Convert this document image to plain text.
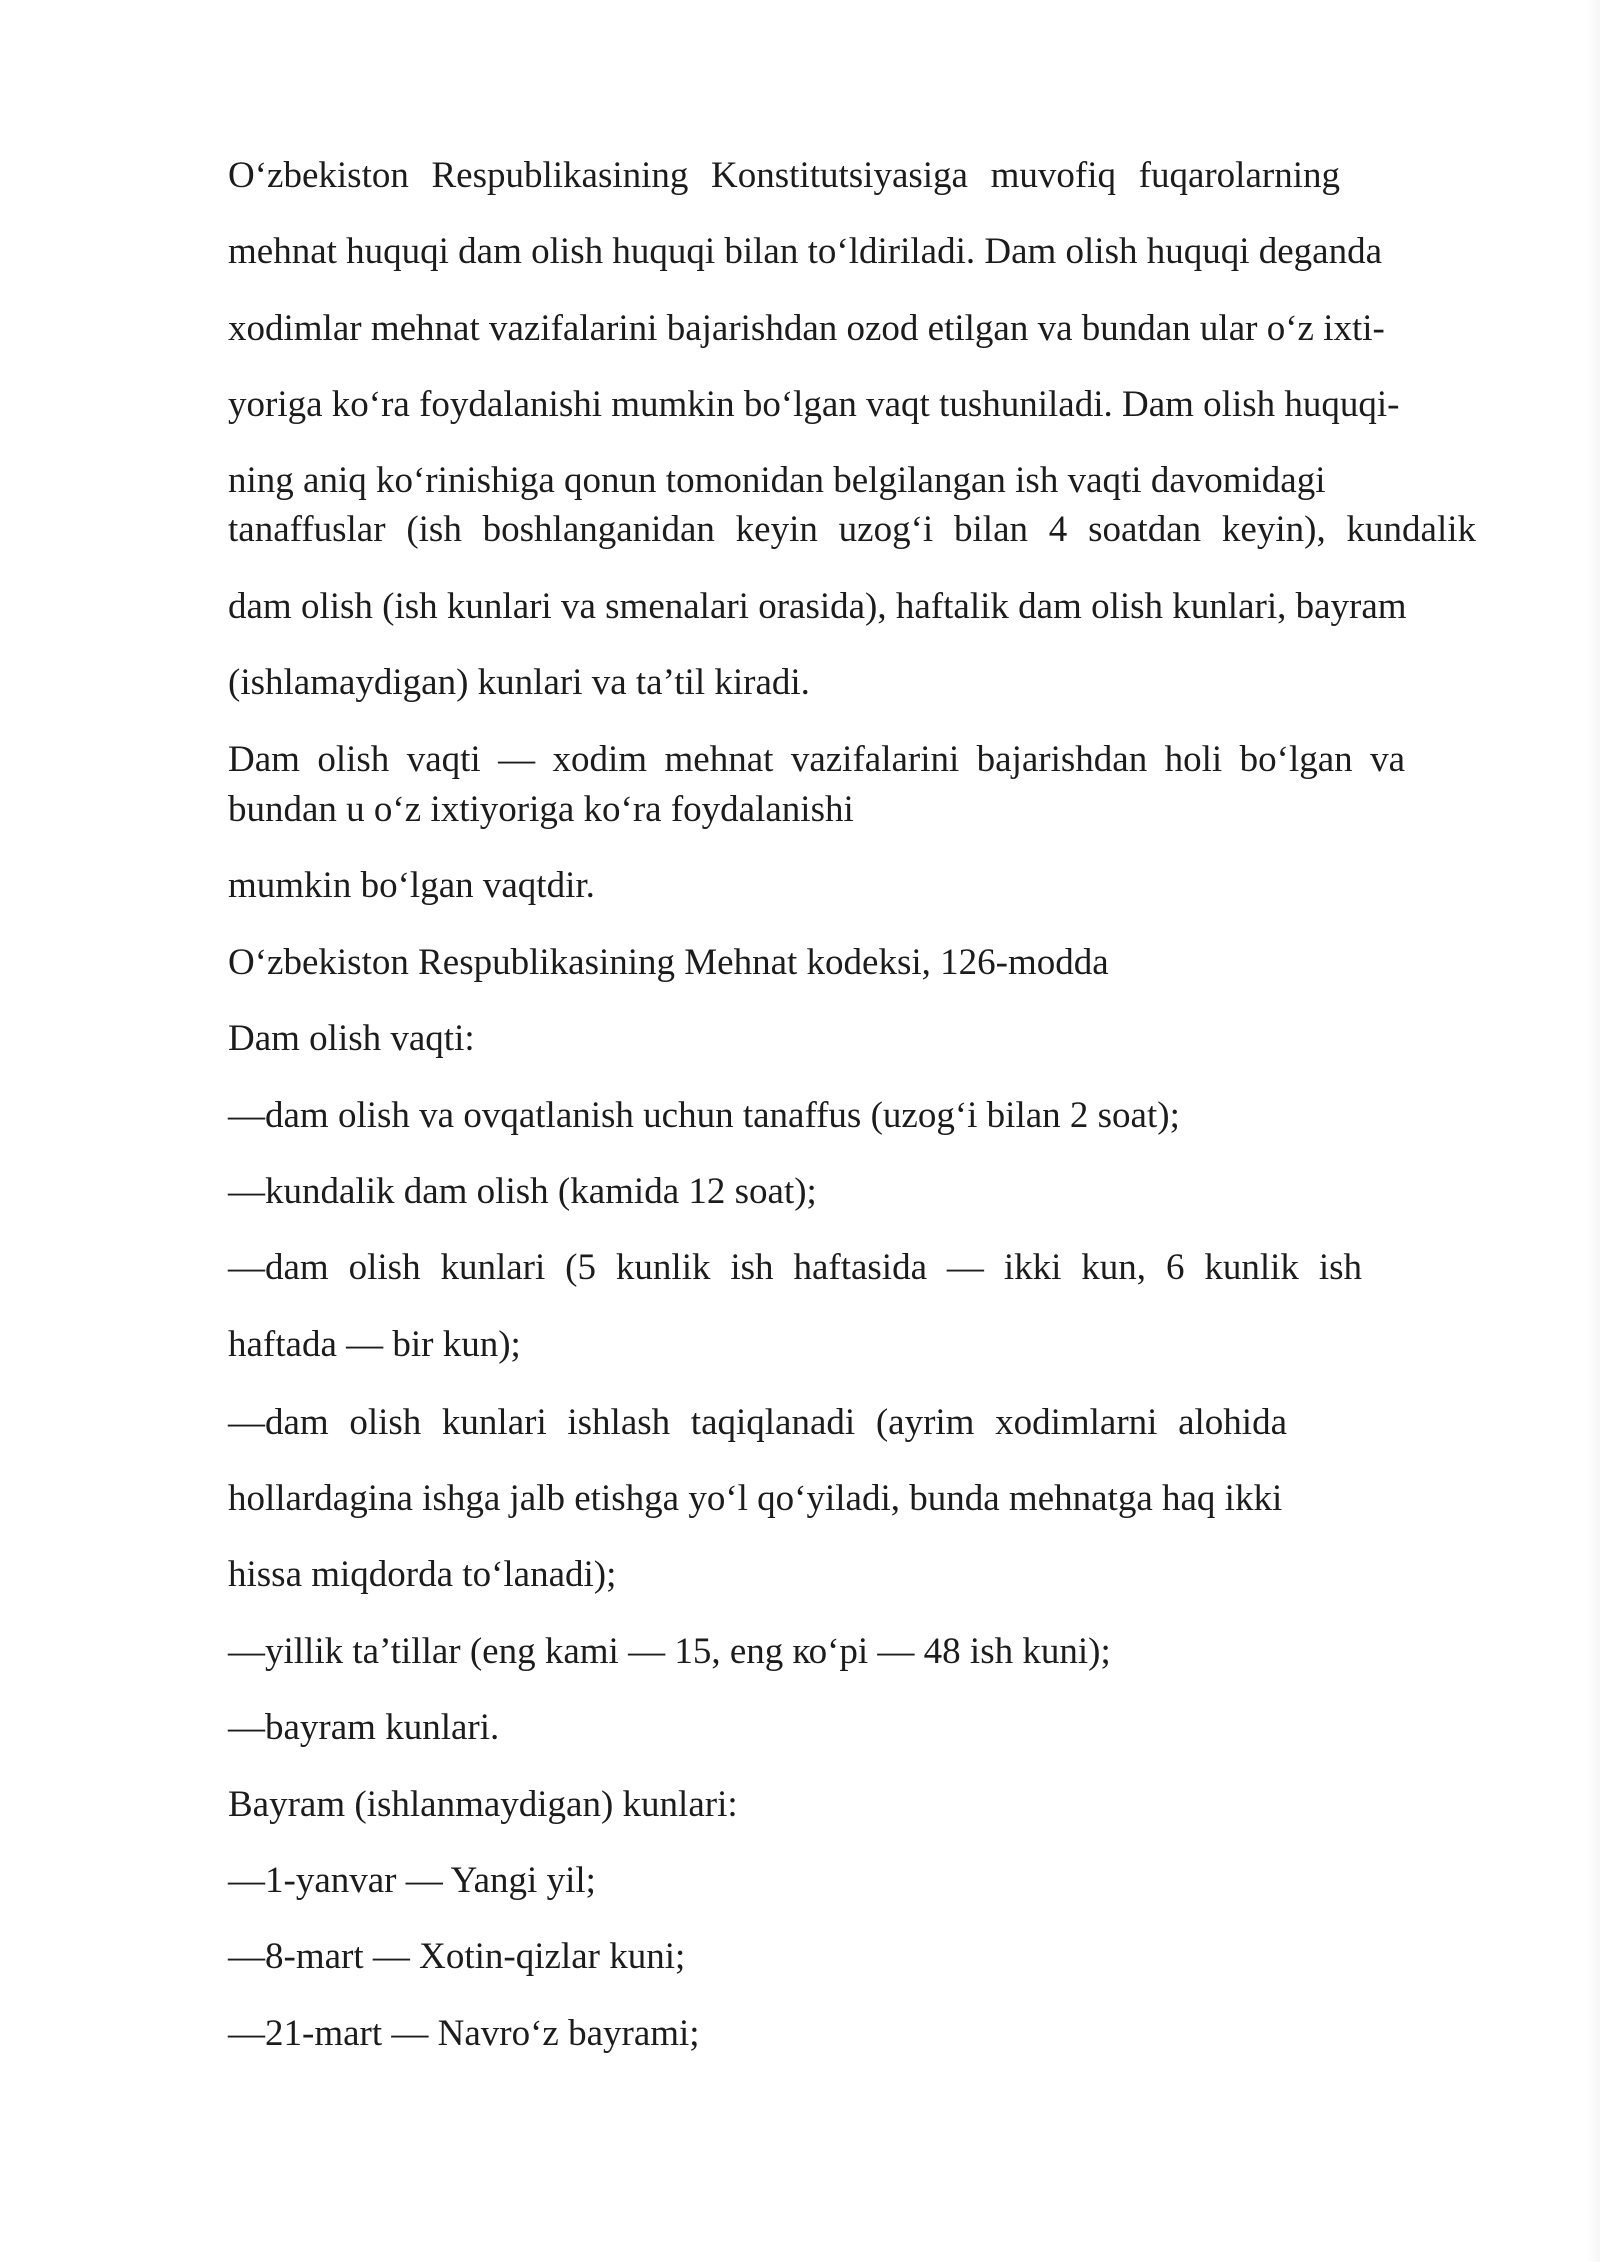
O‘zbekiston Respublikasining Konstitutsiyasiga muvofiq fuqarolarning
mehnat huquqi dam olish huquqi bilan to‘ldiriladi. Dam olish huquqi deganda
xodimlar mehnat vazifalarini bajarishdan ozod etilgan va bundan ular o‘z ixti-
yoriga ko‘ra foydalanishi mumkin bo‘lgan vaqt tushuniladi. Dam olish huquqi-
ning aniq ko‘rinishiga qonun tomonidan belgilangan ish vaqti davomidagi
tanaffuslar (ish boshlanganidan keyin uzog‘i bilan 4 soatdan keyin), kundalik
dam olish (ish kunlari va smenalari orasida), haftalik dam olish kunlari, bayram
(ishlamaydigan) kunlari va ta’til kiradi.
Dam olish vaqti — xodim mehnat vazifalarini bajarishdan holi bo‘lgan va
bundan u o‘z ixtiyoriga ko‘ra foydalanishi
mumkin bo‘lgan vaqtdir.
O‘zbekiston Respublikasining Mehnat kodeksi, 126-modda
Dam olish vaqti:
—dam olish va ovqatlanish uchun tanaffus (uzog‘i bilan 2 soat);
—kundalik dam olish (kamida 12 soat);
—dam olish kunlari (5 kunlik ish haftasida — ikki kun, 6 kunlik ish
haftada — bir kun);
—dam olish kunlari ishlash taqiqlanadi (ayrim xodimlarni alohida
hollardagina ishga jalb etishga yo‘l qo‘yiladi, bunda mehnatga haq ikki
hissa miqdorda to‘lanadi);
—yillik ta’tillar (eng kami — 15, eng ко‘pi — 48 ish kuni);
—bayram kunlari.
Bayram (ishlanmaydigan) kunlari:
—1-yanvar — Yangi yil;
—8-mart — Xotin-qizlar kuni;
—21-mart — Navro‘z bayrami;
